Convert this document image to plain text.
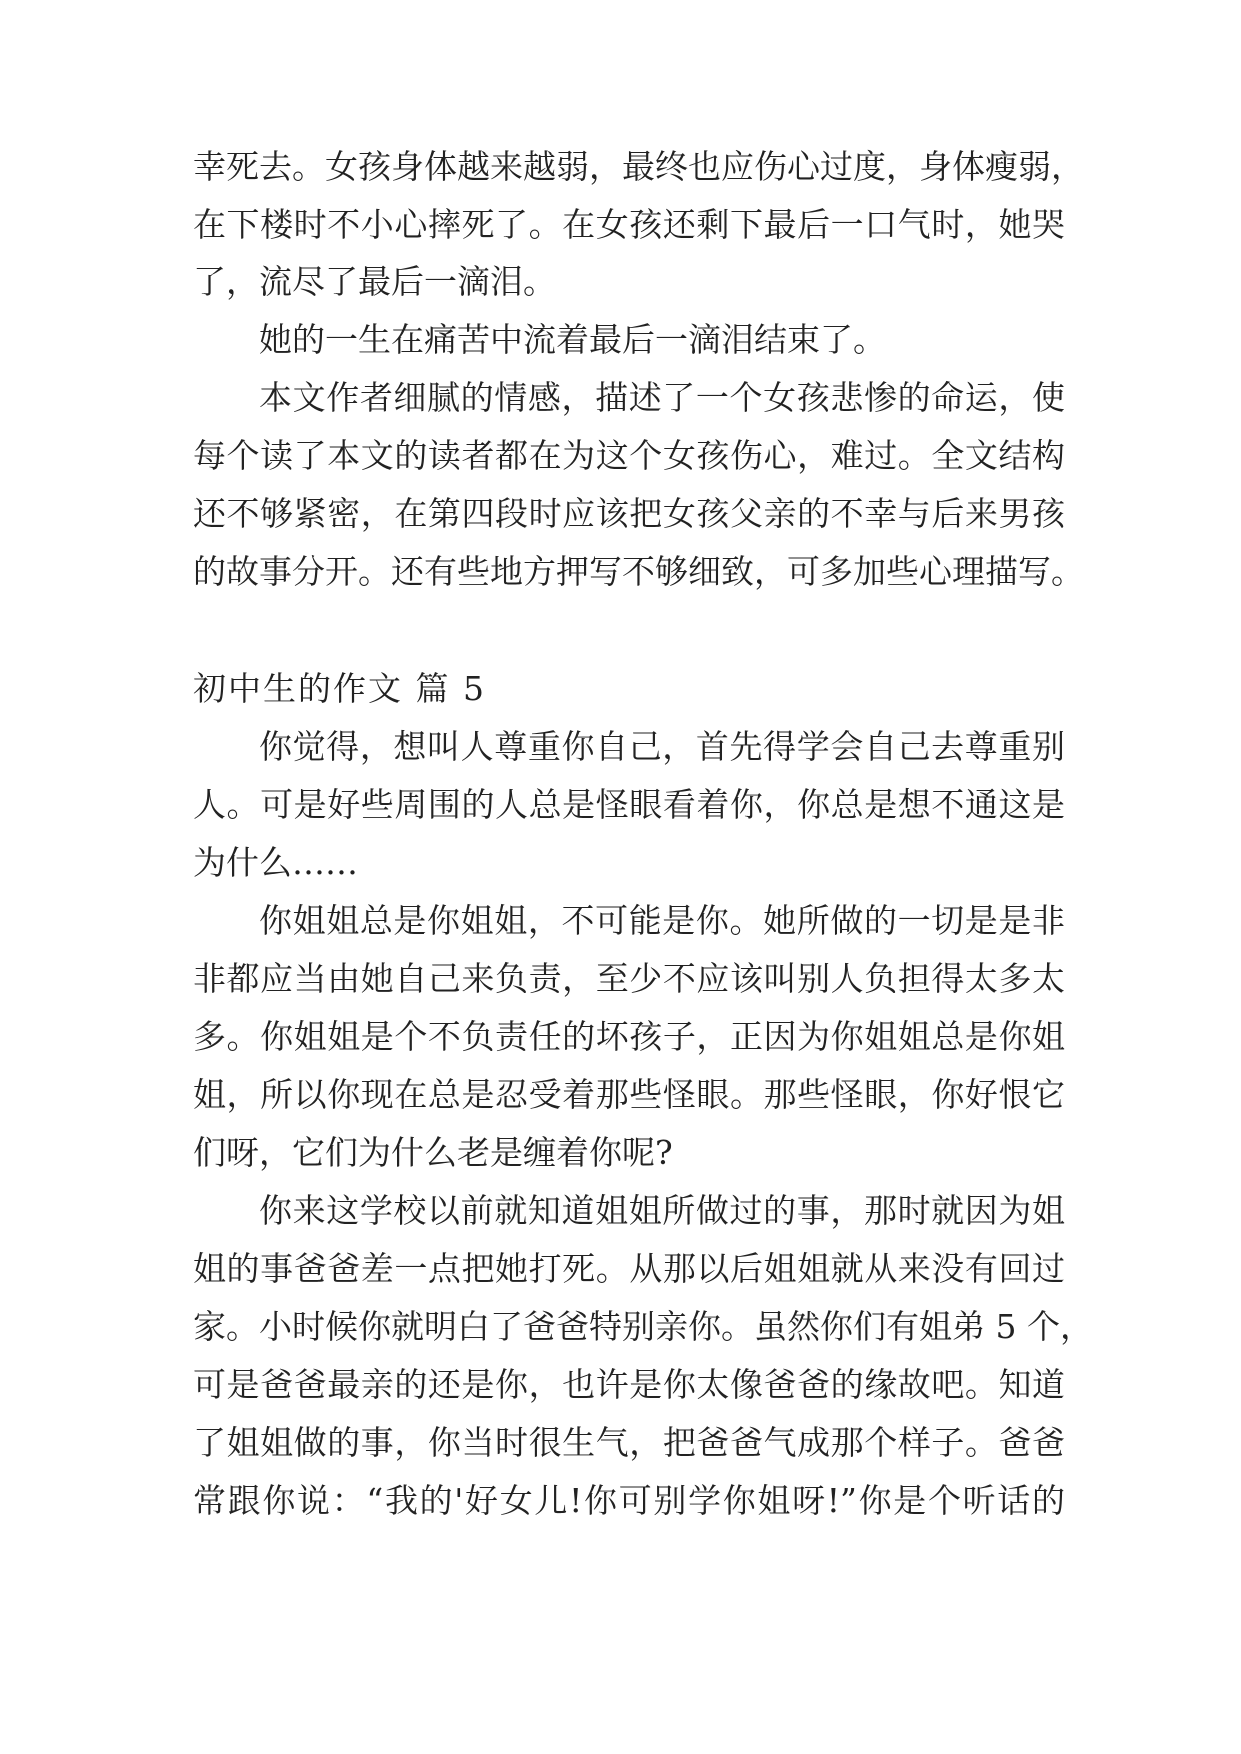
幸死去。女孩身体越来越弱，最终也应伤心过度，身体瘦弱，
在下楼时不小心摔死了。在女孩还剩下最后一口气时，她哭
了，流尽了最后一滴泪。
她的一生在痛苦中流着最后一滴泪结束了。
本文作者细腻的情感，描述了一个女孩悲惨的命运，使
每个读了本文的读者都在为这个女孩伤心，难过。全文结构
还不够紧密，在第四段时应该把女孩父亲的不幸与后来男孩
的故事分开。还有些地方押写不够细致，可多加些心理描写。
初中生的作文 篇 5
你觉得，想叫人尊重你自己，首先得学会自己去尊重别
人。可是好些周围的人总是怪眼看着你，你总是想不通这是
为什么……
你姐姐总是你姐姐，不可能是你。她所做的一切是是非
非都应当由她自己来负责，至少不应该叫别人负担得太多太
多。你姐姐是个不负责任的坏孩子，正因为你姐姐总是你姐
姐，所以你现在总是忍受着那些怪眼。那些怪眼，你好恨它
们呀，它们为什么老是缠着你呢?
你来这学校以前就知道姐姐所做过的事，那时就因为姐
姐的事爸爸差一点把她打死。从那以后姐姐就从来没有回过
家。小时候你就明白了爸爸特别亲你。虽然你们有姐弟 5 个，
可是爸爸最亲的还是你，也许是你太像爸爸的缘故吧。知道
了姐姐做的事，你当时很生气，把爸爸气成那个样子。爸爸
常跟你说：“我的'好女儿!你可别学你姐呀!”你是个听话的
